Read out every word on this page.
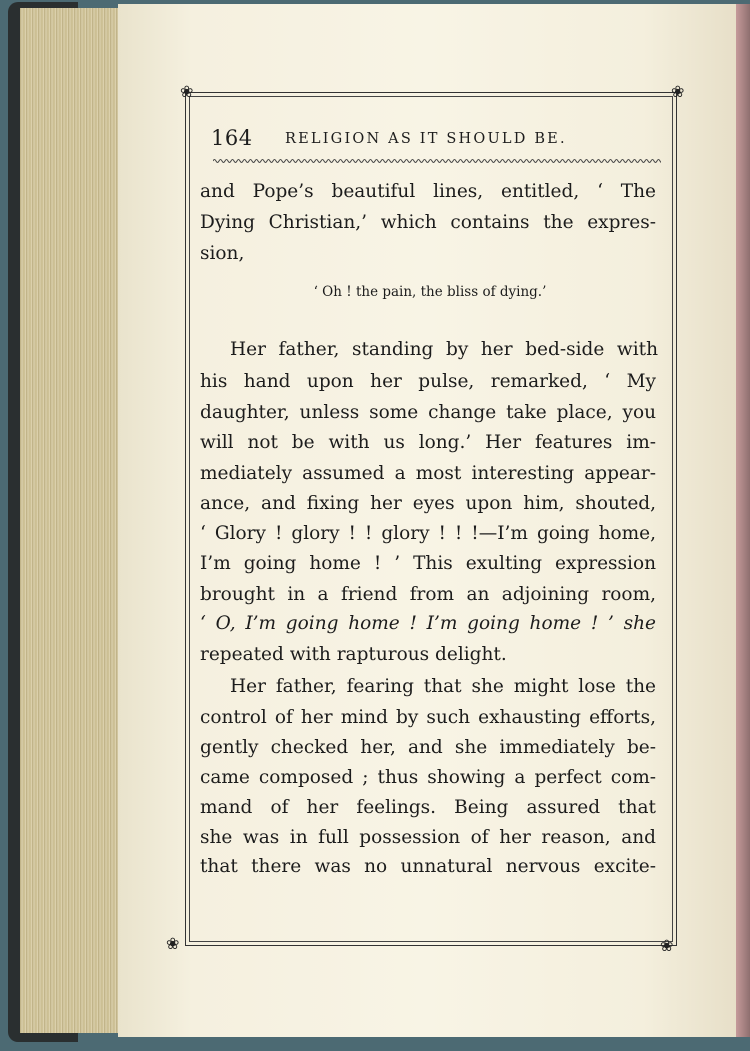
❀	❀
❀	❀
164 RELIGION AS IT SHOULD BE.
and Pope’s beautiful lines, entitled, ‘ The
Dying Christian,’ which contains the expres-
sion,
‘ Oh ! the pain, the bliss of dying.’
Her father, standing by her bed-side with
his hand upon her pulse, remarked, ‘ My
daughter, unless some change take place, you
will not be with us long.’ Her features im-
mediately assumed a most interesting appear-
ance, and fixing her eyes upon him, shouted,
‘ Glory ! glory ! ! glory ! ! !—I’m going home,
I’m going home ! ’ This exulting expression
brought in a friend from an adjoining room,
‘ O, I’m going home ! I’m going home ! ’ she
repeated with rapturous delight.
Her father, fearing that she might lose the
control of her mind by such exhausting efforts,
gently checked her, and she immediately be-
came composed ; thus showing a perfect com-
mand of her feelings. Being assured that
she was in full possession of her reason, and
that there was no unnatural nervous excite-
